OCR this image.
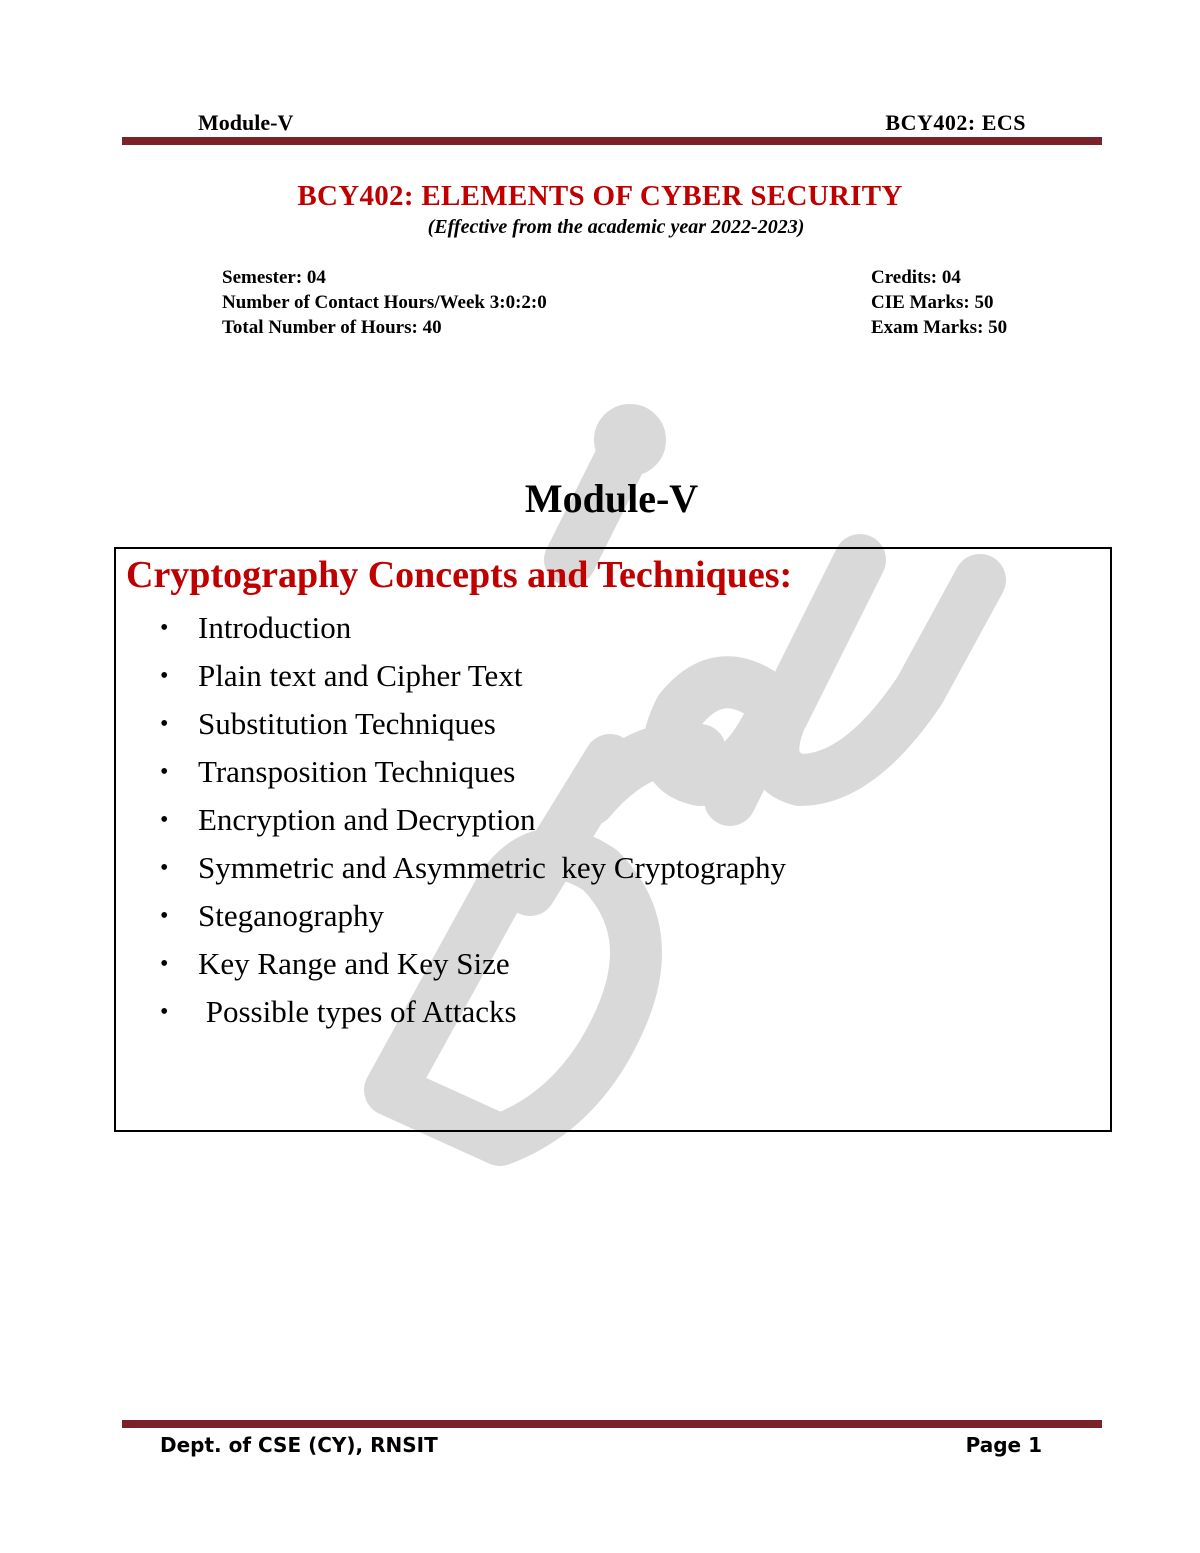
Module-V	BCY402: ECS
BCY402: ELEMENTS OF CYBER SECURITY
(Effective from the academic year 2022-2023)
Semester: 04
Number of Contact Hours/Week 3:0:2:0
Total Number of Hours: 40
Credits: 04
CIE Marks: 50
Exam Marks: 50
Module-V
Cryptography Concepts and Techniques:
• Introduction
• Plain text and Cipher Text
• Substitution Techniques
• Transposition Techniques
• Encryption and Decryption
• Symmetric and Asymmetric  key Cryptography
• Steganography
• Key Range and Key Size
• Possible types of Attacks
Dept. of CSE (CY), RNSIT	Page 1
